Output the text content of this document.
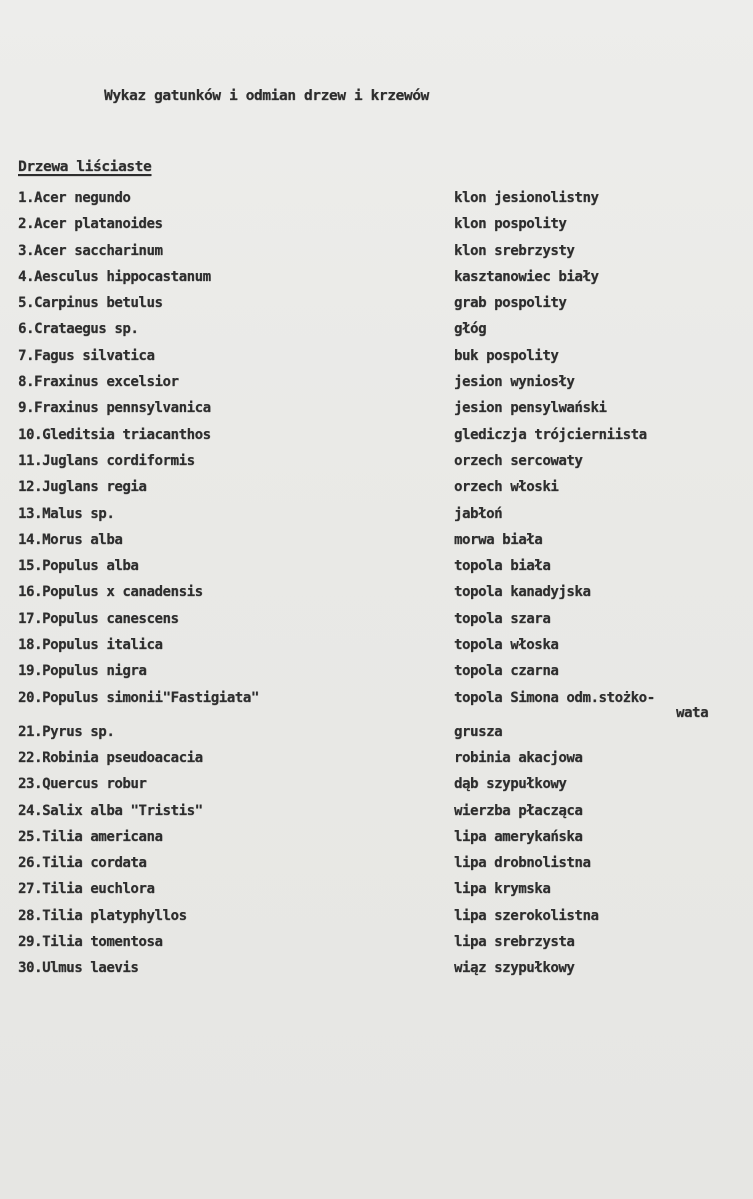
Wykaz gatunków i odmian drzew i krzewów
Drzewa liściaste
1.Acer negundo	klon jesionolistny
2.Acer platanoides	klon pospolity
3.Acer saccharinum	klon srebrzysty
4.Aesculus hippocastanum	kasztanowiec biały
5.Carpinus betulus	grab pospolity
6.Crataegus sp.	głóg
7.Fagus silvatica	buk pospolity
8.Fraxinus excelsior	jesion wyniosły
9.Fraxinus pennsylvanica	jesion pensylwański
10.Gleditsia triacanthos	glediczja trójcierniista
11.Juglans cordiformis	orzech sercowaty
12.Juglans regia	orzech włoski
13.Malus sp.	jabłoń
14.Morus alba	morwa biała
15.Populus alba	topola biała
16.Populus x canadensis	topola kanadyjska
17.Populus canescens	topola szara
18.Populus italica	topola włoska
19.Populus nigra	topola czarna
20.Populus simonii"Fastigiata"	topola Simona odm.stożko-
wata
21.Pyrus sp.	grusza
22.Robinia pseudoacacia	robinia akacjowa
23.Quercus robur	dąb szypułkowy
24.Salix alba "Tristis"	wierzba płacząca
25.Tilia americana	lipa amerykańska
26.Tilia cordata	lipa drobnolistna
27.Tilia euchlora	lipa krymska
28.Tilia platyphyllos	lipa szerokolistna
29.Tilia tomentosa	lipa srebrzysta
30.Ulmus laevis	wiąz szypułkowy
